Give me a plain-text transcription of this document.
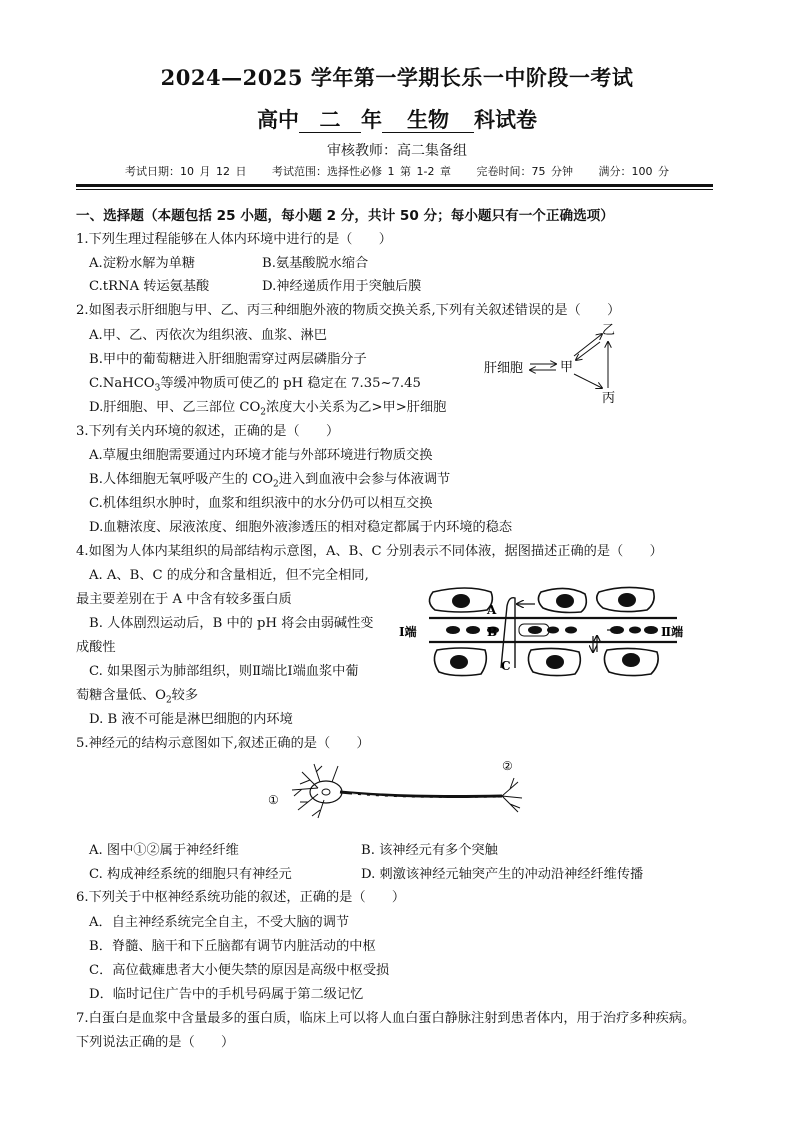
2024—2025 学年第一学期长乐一中阶段一考试
高中 二 年 生物 科试卷
审核教师：高二集备组
考试日期：10 月 12 日 考试范围：选择性必修 1 第 1-2 章 完卷时间：75 分钟 满分：100 分
一、选择题（本题包括 25 小题，每小题 2 分，共计 50 分；每小题只有一个正确选项）
1.下列生理过程能够在人体内环境中进行的是（　　）
A.淀粉水解为单糖	B.氨基酸脱水缩合
C.tRNA 转运氨基酸	D.神经递质作用于突触后膜
2.如图表示肝细胞与甲、乙、丙三种细胞外液的物质交换关系,下列有关叙述错误的是（　　）
A.甲、乙、丙依次为组织液、血浆、淋巴
B.甲中的葡萄糖进入肝细胞需穿过两层磷脂分子
C.NaHCO$_3$等缓冲物质可使乙的 pH 稳定在 7.35~7.45
D.肝细胞、甲、乙三部位 $CO_2$浓度大小关系为乙>甲>肝细胞
肝细胞	甲
乙
丙
3.下列有关内环境的叙述，正确的是（　　）
A.草履虫细胞需要通过内环境才能与外部环境进行物质交换
B.人体细胞无氧呼吸产生的 $CO_2$进入到血液中会参与体液调节
C.机体组织水肿时，血浆和组织液中的水分仍可以相互交换
D.血糖浓度、尿液浓度、细胞外液渗透压的相对稳定都属于内环境的稳态
4.如图为人体内某组织的局部结构示意图，A、B、C 分别表示不同体液，据图描述正确的是（　　）
A. A、B、C 的成分和含量相近，但不完全相同,
最主要差别在于 A 中含有较多蛋白质
B. 人体剧烈运动后，B 中的 pH 将会由弱碱性变
成酸性
C. 如果图示为肺部组织，则Ⅱ端比Ⅰ端血浆中葡
萄糖含量低、$O_2$较多
D. B 液不可能是淋巴细胞的内环境
Ⅰ端	Ⅱ端
A
B
C
5.神经元的结构示意图如下,叙述正确的是（　　）
①
②
A. 图中①②属于神经纤维	B. 该神经元有多个突触
C. 构成神经系统的细胞只有神经元	D. 刺激该神经元轴突产生的冲动沿神经纤维传播
6.下列关于中枢神经系统功能的叙述，正确的是（　　）
A．自主神经系统完全自主，不受大脑的调节
B．脊髓、脑干和下丘脑都有调节内脏活动的中枢
C．高位截瘫患者大小便失禁的原因是高级中枢受损
D．临时记住广告中的手机号码属于第二级记忆
7.白蛋白是血浆中含量最多的蛋白质，临床上可以将人血白蛋白静脉注射到患者体内，用于治疗多种疾病。
下列说法正确的是（　　）
